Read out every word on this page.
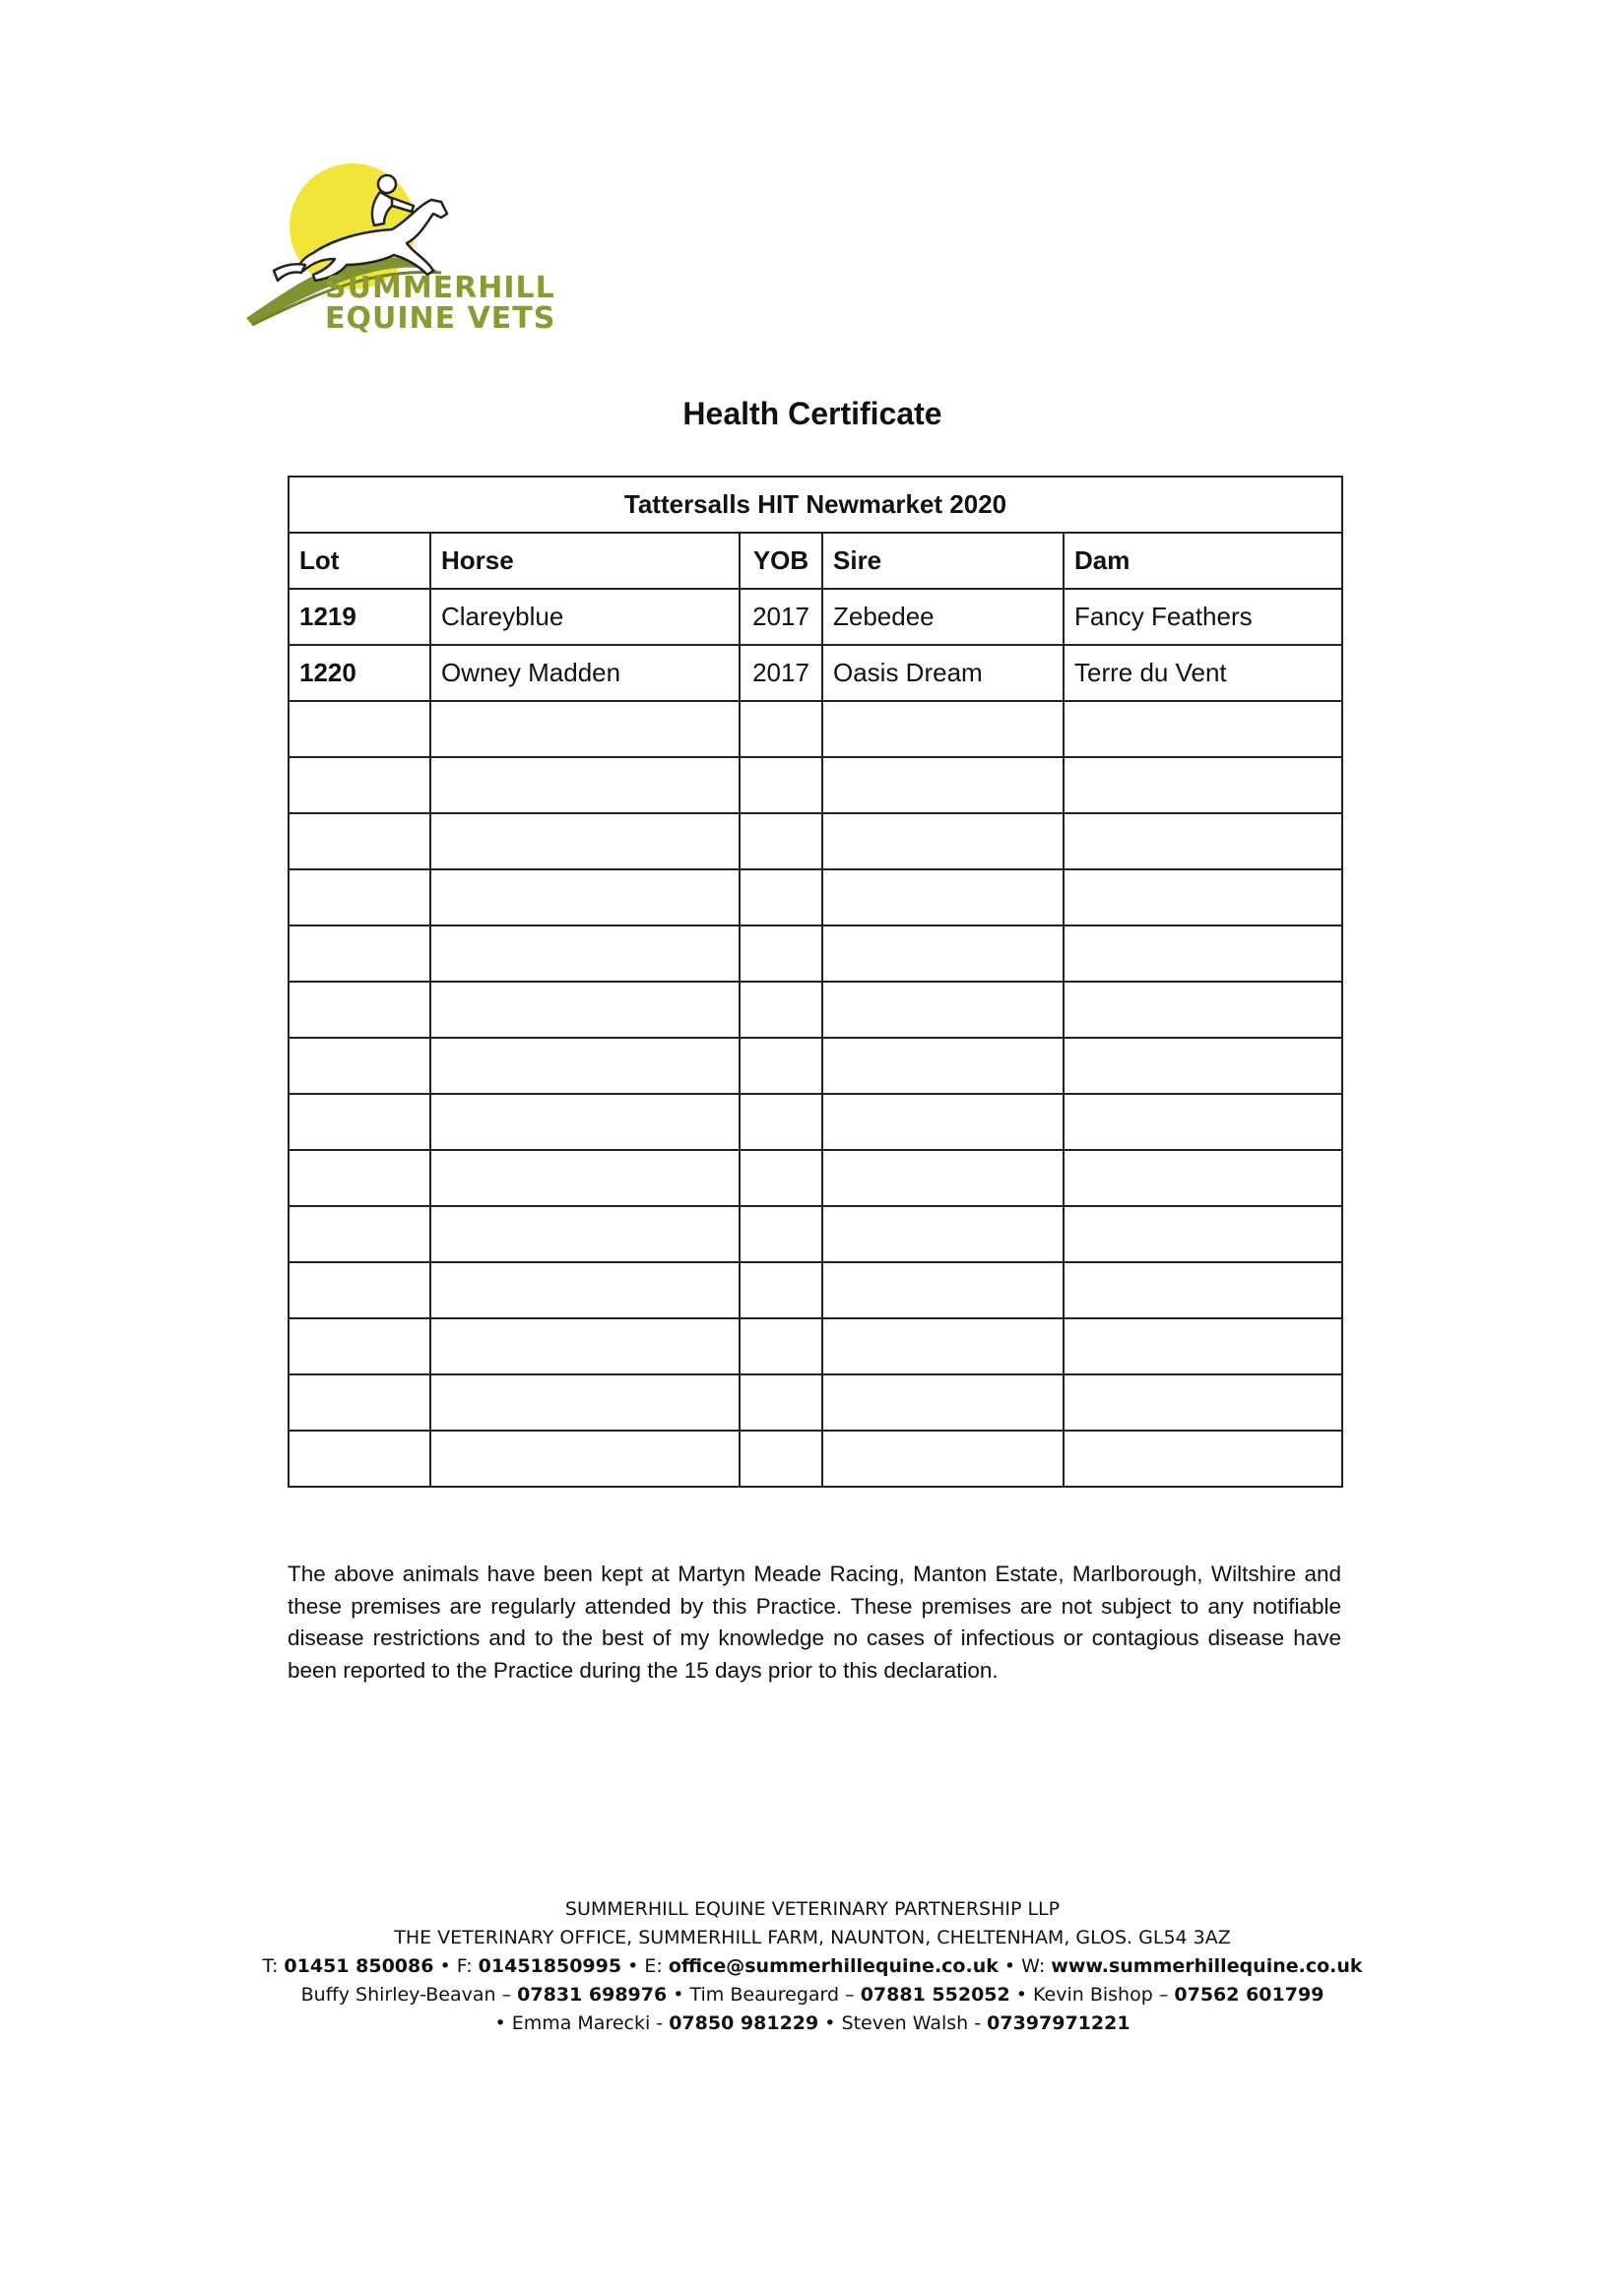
SUMMERHILL
EQUINE VETS
Health Certificate
Tattersalls HIT Newmarket 2020				
Lot	Horse	YOB	Sire	Dam
1219	Clareyblue	2017	Zebedee	Fancy Feathers
1220	Owney Madden	2017	Oasis Dream	Terre du Vent

The above animals have been kept at Martyn Meade Racing, Manton Estate, Marlborough, Wiltshire and these premises are regularly attended by this Practice. These premises are not subject to any notifiable disease restrictions and to the best of my knowledge no cases of infectious or contagious disease have been reported to the Practice during the 15 days prior to this declaration.
SUMMERHILL EQUINE VETERINARY PARTNERSHIP LLP
THE VETERINARY OFFICE, SUMMERHILL FARM, NAUNTON, CHELTENHAM, GLOS. GL54 3AZ
T: 01451 850086 • F: 01451850995 • E: office@summerhillequine.co.uk • W: www.summerhillequine.co.uk
Buffy Shirley-Beavan – 07831 698976 • Tim Beauregard – 07881 552052 • Kevin Bishop – 07562 601799
• Emma Marecki - 07850 981229 • Steven Walsh - 07397971221
